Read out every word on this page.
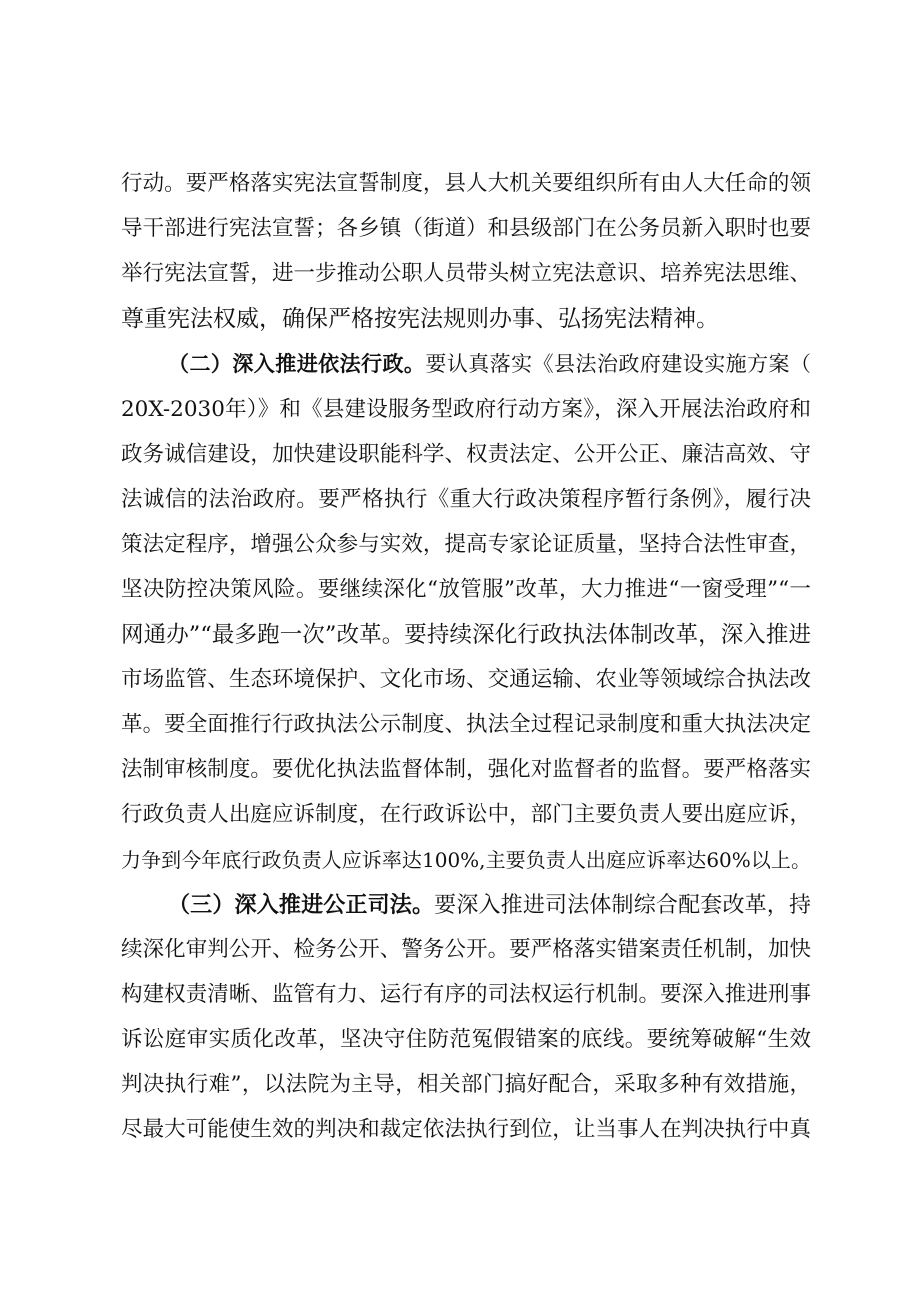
行动。要严格落实宪法宣誓制度，县人大机关要组织所有由人大任命的领
导干部进行宪法宣誓；各乡镇（街道）和县级部门在公务员新入职时也要
举行宪法宣誓，进一步推动公职人员带头树立宪法意识、培养宪法思维、
尊重宪法权威，确保严格按宪法规则办事、弘扬宪法精神。
（二）深入推进依法行政。要认真落实《县法治政府建设实施方案（
20X-2030年）》和《县建设服务型政府行动方案》，深入开展法治政府和
政务诚信建设，加快建设职能科学、权责法定、公开公正、廉洁高效、守
法诚信的法治政府。要严格执行《重大行政决策程序暂行条例》，履行决
策法定程序，增强公众参与实效，提高专家论证质量，坚持合法性审查，
坚决防控决策风险。要继续深化“放管服”改革，大力推进“一窗受理”“一
网通办”“最多跑一次”改革。要持续深化行政执法体制改革，深入推进
市场监管、生态环境保护、文化市场、交通运输、农业等领域综合执法改
革。要全面推行行政执法公示制度、执法全过程记录制度和重大执法决定
法制审核制度。要优化执法监督体制，强化对监督者的监督。要严格落实
行政负责人出庭应诉制度，在行政诉讼中，部门主要负责人要出庭应诉，
力争到今年底行政负责人应诉率达100%,主要负责人出庭应诉率达60%以上。
（三）深入推进公正司法。要深入推进司法体制综合配套改革，持
续深化审判公开、检务公开、警务公开。要严格落实错案责任机制，加快
构建权责清晰、监管有力、运行有序的司法权运行机制。要深入推进刑事
诉讼庭审实质化改革，坚决守住防范冤假错案的底线。要统筹破解“生效
判决执行难”，以法院为主导，相关部门搞好配合，采取多种有效措施，
尽最大可能使生效的判决和裁定依法执行到位，让当事人在判决执行中真
